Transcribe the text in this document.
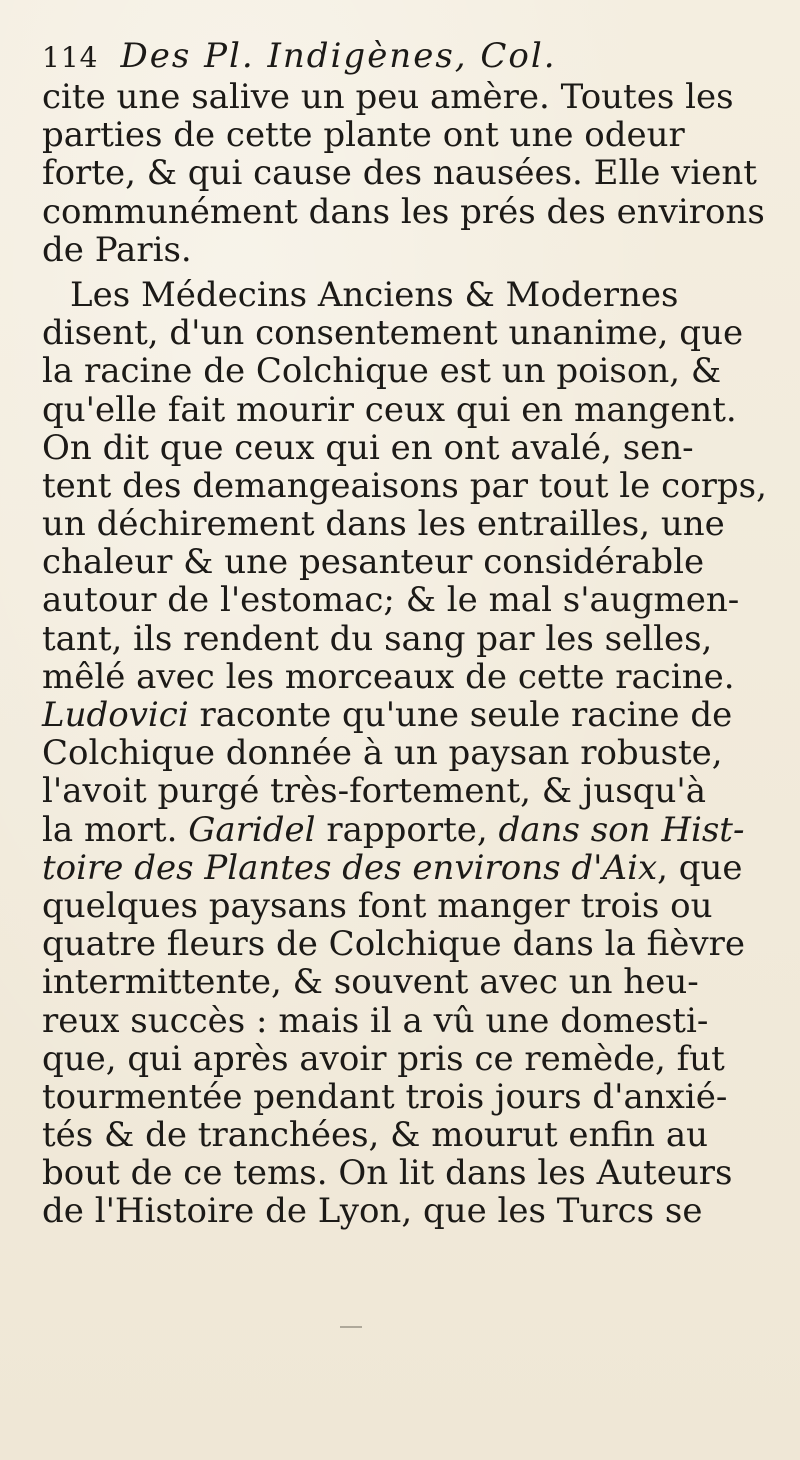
114 Des Pl. Indigènes, Col.
cite une salive un peu amère. Toutes les
parties de cette plante ont une odeur
forte, & qui cause des nausées. Elle vient
communément dans les prés des environs
de Paris.
Les Médecins Anciens & Modernes
disent, d'un consentement unanime, que
la racine de Colchique est un poison, &
qu'elle fait mourir ceux qui en mangent.
On dit que ceux qui en ont avalé, sen-
tent des demangeaisons par tout le corps,
un déchirement dans les entrailles, une
chaleur & une pesanteur considérable
autour de l'estomac; & le mal s'augmen-
tant, ils rendent du sang par les selles,
mêlé avec les morceaux de cette racine.
Ludovici raconte qu'une seule racine de
Colchique donnée à un paysan robuste,
l'avoit purgé très-fortement, & jusqu'à
la mort. Garidel rapporte, dans son Hist-
toire des Plantes des environs d'Aix, que
quelques paysans font manger trois ou
quatre fleurs de Colchique dans la fièvre
intermittente, & souvent avec un heu-
reux succès : mais il a vû une domesti-
que, qui après avoir pris ce remède, fut
tourmentée pendant trois jours d'anxié-
tés & de tranchées, & mourut enfin au
bout de ce tems. On lit dans les Auteurs
de l'Histoire de Lyon, que les Turcs se
